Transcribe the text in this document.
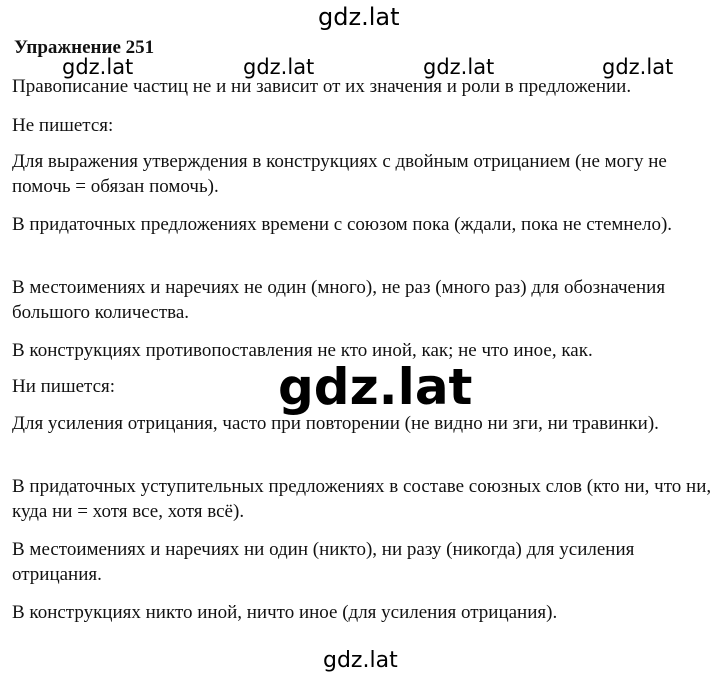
Упражнение 251

Правописание частиц не и ни зависит от их значения и роли в предложении.

Не пишется:

Для выражения утверждения в конструкциях с двойным отрицанием (не могу не помочь = обязан помочь).

В придаточных предложениях времени с союзом пока (ждали, пока не стемнело).

В местоимениях и наречиях не один (много), не раз (много раз) для обозначения большого количества.

В конструкциях противопоставления не кто иной, как; не что иное, как.

Ни пишется:

Для усиления отрицания, часто при повторении (не видно ни зги, ни травинки).

В придаточных уступительных предложениях в составе союзных слов (кто ни, что ни, куда ни = хотя все, хотя всё).

В местоимениях и наречиях ни один (никто), ни разу (никогда) для усиления отрицания.

В конструкциях никто иной, ничто иное (для усиления отрицания).

gdz.lat
gdz.lat	gdz.lat	gdz.lat	gdz.lat
gdz.lat
gdz.lat
